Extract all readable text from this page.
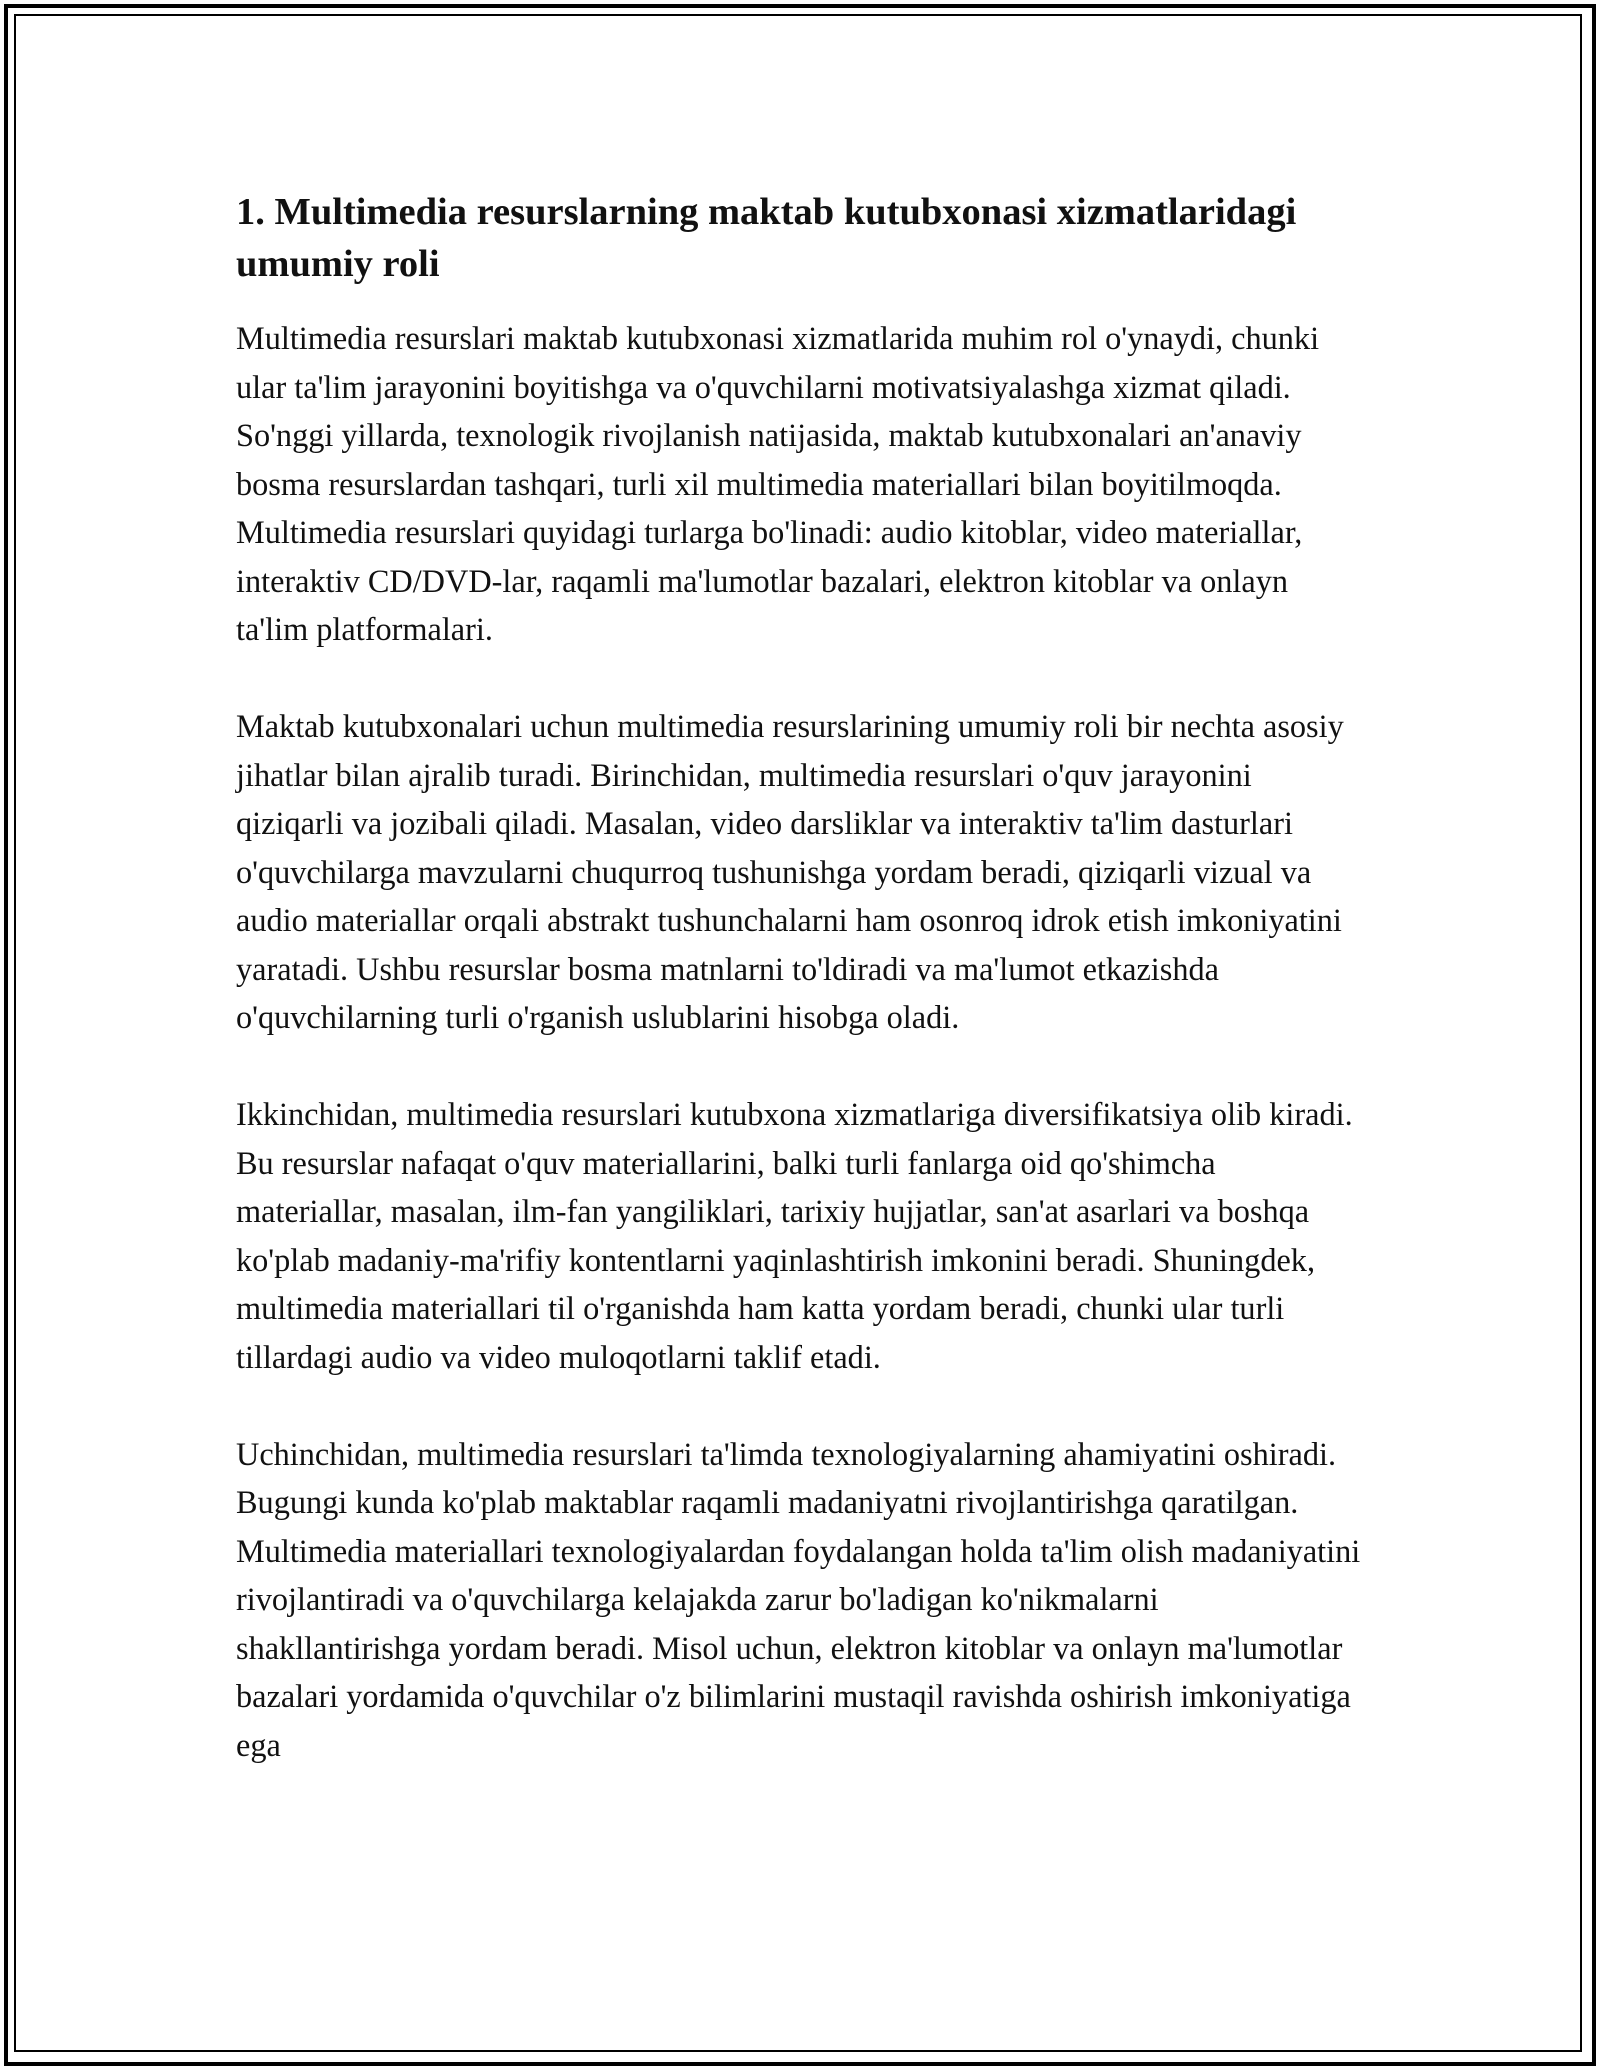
1. Multimedia resurslarning maktab kutubxonasi xizmatlaridagi umumiy roli

Multimedia resurslari maktab kutubxonasi xizmatlarida muhim rol o'ynaydi, chunki ular ta'lim jarayonini boyitishga va o'quvchilarni motivatsiyalashga xizmat qiladi. So'nggi yillarda, texnologik rivojlanish natijasida, maktab kutubxonalari an'anaviy bosma resurslardan tashqari, turli xil multimedia materiallari bilan boyitilmoqda. Multimedia resurslari quyidagi turlarga bo'linadi: audio kitoblar, video materiallar, interaktiv CD/DVD-lar, raqamli ma'lumotlar bazalari, elektron kitoblar va onlayn ta'lim platformalari.

Maktab kutubxonalari uchun multimedia resurslarining umumiy roli bir nechta asosiy jihatlar bilan ajralib turadi. Birinchidan, multimedia resurslari o'quv jarayonini qiziqarli va jozibali qiladi. Masalan, video darsliklar va interaktiv ta'lim dasturlari o'quvchilarga mavzularni chuqurroq tushunishga yordam beradi, qiziqarli vizual va audio materiallar orqali abstrakt tushunchalarni ham osonroq idrok etish imkoniyatini yaratadi. Ushbu resurslar bosma matnlarni to'ldiradi va ma'lumot etkazishda o'quvchilarning turli o'rganish uslublarini hisobga oladi.

Ikkinchidan, multimedia resurslari kutubxona xizmatlariga diversifikatsiya olib kiradi. Bu resurslar nafaqat o'quv materiallarini, balki turli fanlarga oid qo'shimcha materiallar, masalan, ilm-fan yangiliklari, tarixiy hujjatlar, san'at asarlari va boshqa ko'plab madaniy-ma'rifiy kontentlarni yaqinlashtirish imkonini beradi. Shuningdek, multimedia materiallari til o'rganishda ham katta yordam beradi, chunki ular turli tillardagi audio va video muloqotlarni taklif etadi.

Uchinchidan, multimedia resurslari ta'limda texnologiyalarning ahamiyatini oshiradi. Bugungi kunda ko'plab maktablar raqamli madaniyatni rivojlantirishga qaratilgan. Multimedia materiallari texnologiyalardan foydalangan holda ta'lim olish madaniyatini rivojlantiradi va o'quvchilarga kelajakda zarur bo'ladigan ko'nikmalarni shakllantirishga yordam beradi. Misol uchun, elektron kitoblar va onlayn ma'lumotlar bazalari yordamida o'quvchilar o'z bilimlarini mustaqil ravishda oshirish imkoniyatiga ega
